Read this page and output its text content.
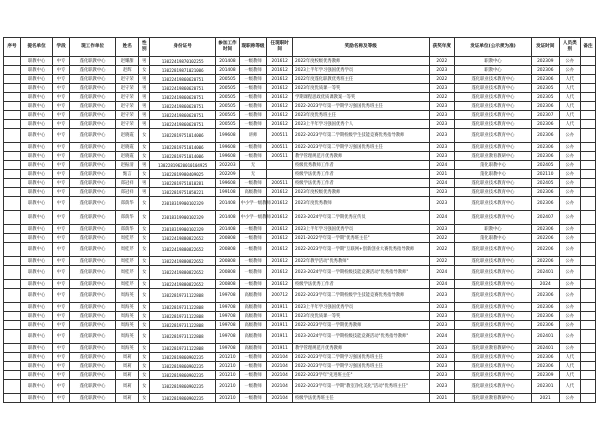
序号	提名单位	学段	现工作单位	姓名	性别	身份证号	参加工作时间	现职称等级	任现职时间	奖励名称及等级	获奖年度	发证单位(公示须为准)	发证时间	人员类别	备注
	职教中心	中专	蓬化职教中心	赵耀甜	男	13022419870102255	201408	一级教师	201612	2022年度校级优秀教师	2022	职教中心	202309	公办	
	职教中心	中专	蓬化职教中心	赵辉	女	13022819871021006	201408	一级教师	201612	2023上半年学习强国优秀学员	2023	职教中心	202306	公办	
	职教中心	中专	蓬化职教中心	赵守荣	男	13022419860620751	200505	一级教师	201612	2022年度蓬化职教优秀班主任	2022	蓬化职业技术教育中心	202306	人代	
	职教中心	中专	蓬化职教中心	赵守荣	男	13022419860620751	200505	一级教师	201612	2023年度优质课一等奖	2023	蓬化职业技术教育中心	202305	人代	
	职教中心	中专	蓬化职教中心	赵守荣	男	13022419860620751	200505	一级教师	201612	学期课程思政优质课教案一等奖	2022	蓬化职业技术教育中心	202305	人代	
	职教中心	中专	蓬化职教中心	赵守荣	男	13022419860620751	200505	一级教师	201612	2022-2023学年第一学期学习强国优秀班主任	2023	蓬化职业技术教育中心	202306	人代	
	职教中心	中专	蓬化职教中心	赵守荣	男	13022419860620751	200505	一级教师	201612	2023年度优秀班主任	2023	蓬化职业技术教育中心	202307	人代	
	职教中心	中专	蓬化职教中心	赵守荣	男	13022419860620751	200505	一级教师	201612	2023上半年学习强国优秀个人	2023	蓬化职业技术教育中心	202306	人代	
	职教中心	中专	蓬化职教中心	赵晓霞	女	13022819751014006	199608	讲师	200511	2022-2023学年第二学期校级学生技能竞赛优秀指导教师	2023	蓬化职业技术教育中心	202306	公办	
	职教中心	中专	蓬化职教中心	赵晓霞	女	13022819751014006	199608	一级教师	200511	2022-2023学年第二学期学习强国优秀班主任	2023	蓬化职业技术教育中心	202306	公办	
	职教中心	中专	蓬化职教中心	赵晓霞	女	13022819751014006	199608	一级教师	200511	教学管理规范月优秀教师	2023	蓬化职业教育教研中心	202306	公办	
	职教中心	中专	蓬化职教中心	赵振清	男	13022819620010104925	202203	无		校级优秀教师工作者	2024	蓬化职教中心	202405	公办	
	职教中心	中专	蓬化职教中心	甄言	女	13022819980409025	202209	无		校级学法优秀工作者	2021	蓬化职教中心	202110	公办	
	职教中心	中专	蓬化职教中心	郑冠祥	男	13022819751010281	199608	一级教师	200511	校级学法优秀工作者	2024	蓬化职业技术教育中心	202405	公办	
	职教中心	中专	蓬化职教中心	郑冠祥	男	13022819751050221	199108	高级教师	201612	2023年度校级优秀教师	2023	蓬化职业技术教育中心	202306	公办	
	职教中心	中专	蓬化职教中心	郑荫华	女	23018319900102329	201408	中小学一级教师	201612	2023年度优秀教师	2023	蓬化职业技术教育中心	202306	公办	
	职教中心	中专	蓬化职教中心	郑荫华	女	23018319900102329	201408	中小学一级教师	201612	2023-2024学年第二学期优秀宣传员	2024	蓬化职业技术教育中心	202407	公办	
	职教中心	中专	蓬化职教中心	郑荫华	女	23018319900102329	201408	一级教师	201612	2023上半年学习强国优秀学员	2023	职教中心	202306	公办	
	职教中心	中专	蓬化职教中心	周桂芹	女	13022419880822652	200808	一级教师	201612	2021-2022学年第一学期"优秀班主任"	2022	蓬化职教中心	202206	公办	
	职教中心	中专	蓬化职教中心	周桂芹	女	13022419880822652	200808	一级教师	201612	2022-2023学年第一学期"互联网+创新创业大赛优秀指导教师	2022	蓬化职业技术教育中心	202206	公办	
	职教中心	中专	蓬化职教中心	周桂芹	女	13022419880822652	200808	一级教师	201612	2022年教学活动"优秀教师"	2022	蓬化职业技术教育中心	202206	公办	
	职教中心	中专	蓬化职教中心	周桂芹	女	13022419880822652	200808	一级教师	201612	2023-2024学年第一学期校级技能竞赛活动"优秀指导教师"	2024	蓬化职业技术教育中心	202401	公办	
	职教中心	中专	蓬化职教中心	周桂芹	女	13022419880822652	200808	一级教师	201612	校级学法优秀工作者	2024	蓬化职业技术教育中心	2024	公办	
	职教中心	中专	蓬化职教中心	周海英	女	13022819731122808	199708	高级教师	200712	2022-2023学年第二学期校级学生技能竞赛优秀指导教师	2023	蓬化职业技术教育中心	202306	公办	
	职教中心	中专	蓬化职教中心	周海英	女	13022819731122808	199708	高级教师	201911	2023上半年学习强国优秀学员	2023	蓬化职业技术教育中心	202306	公办	
	职教中心	中专	蓬化职教中心	周海英	女	13022819731122808	199708	高级教师	201911	2023年度优质课一等奖	2023	蓬化职业技术教育中心	202306	公办	
	职教中心	中专	蓬化职教中心	周海英	女	13022819731122808	199708	高级教师	201911	2022-2023学年第一学期优秀教师	2023	蓬化职业技术教育中心	202306	公办	
	职教中心	中专	蓬化职教中心	周海英	女	13022819731122808	199708	高级教师	201911	2023-2024学年第一学期校级技能竞赛活动"优秀指导教师"	2024	蓬化职业技术教育中心	202401	公办	
	职教中心	中专	蓬化职教中心	周海英	女	13022819731122808	199708	高级教师	201911	教学管理规范月优秀教师	2023	蓬化职业教育教研中心	202401	公办	
	职教中心	中专	蓬化职教中心	周莉	女	13022819860902235	201210	一级教师	202104	2022-2023学年第二学期学习强国优秀班主任	2023	蓬化职业技术教育中心	202306	人代	
	职教中心	中专	蓬化职教中心	周莉	女	13022819860902235	201210	一级教师	202104	2022-2023学年第一学期学习强国优秀班主任	2023	蓬化职业技术教育中心	202306	人代	
	职教中心	中专	蓬化职教中心	周莉	女	13022819860902235	201210	一级教师	202104	2022-2023学年"先进班主任"	2023	蓬化职业技术教育中心	202309	人代	
	职教中心	中专	蓬化职教中心	周莉	女	13022819860902235	201210	一级教师	202104	2022-2023学年第一学期"教室净化美化"活动"优秀班主任"	2023	蓬化职业技术教育中心	202301	人代	
	职教中心	中专	蓬化职教中心	周莉	女	13022819860902235	201210	一级教师	202104	校级学法优秀班主任	2021	蓬化职业教育教研中心	2021	公办	
